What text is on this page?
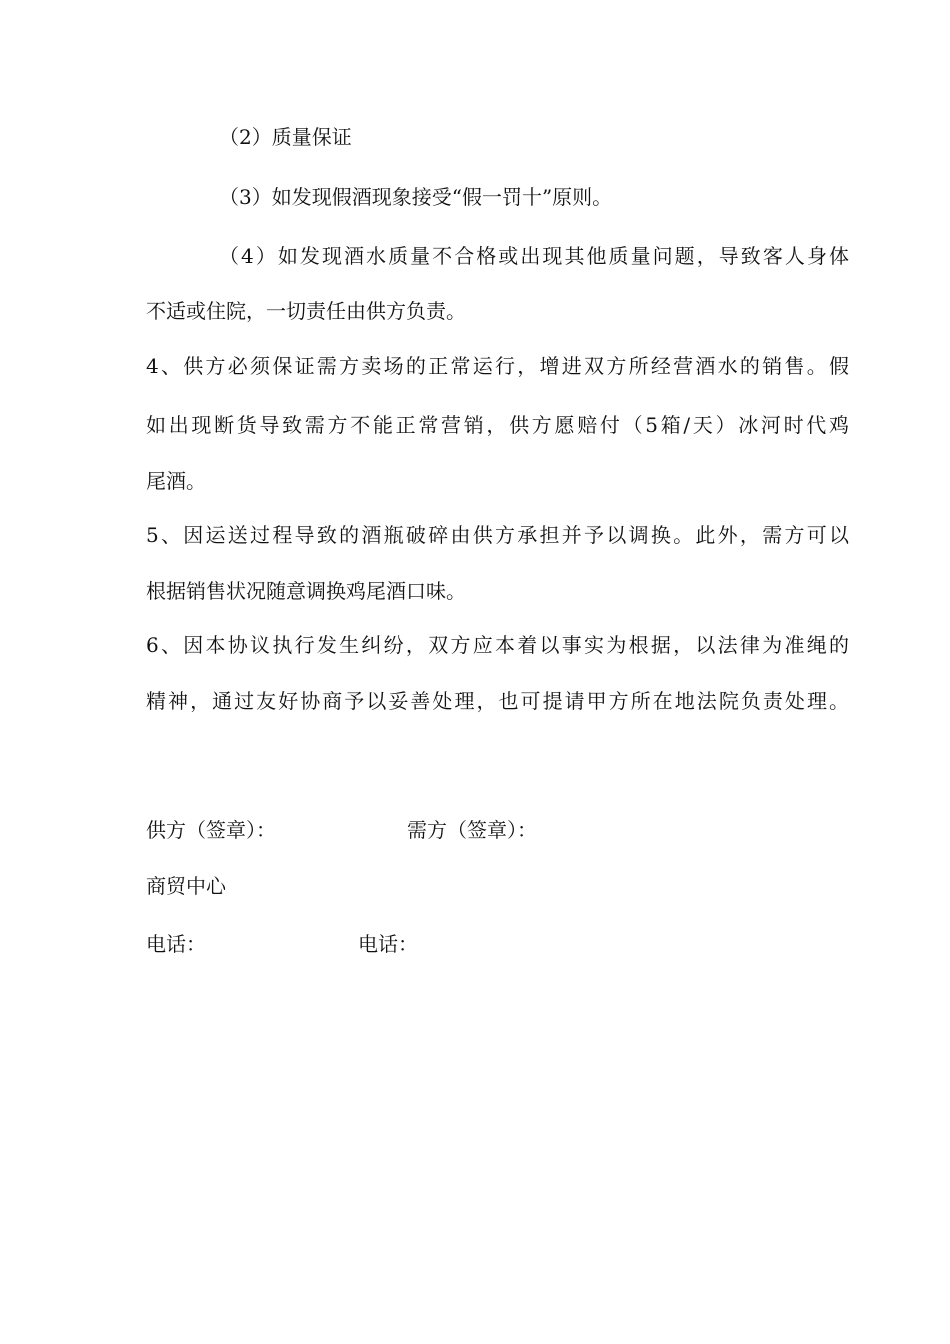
（2）质量保证
（3）如发现假酒现象接受“假一罚十”原则。
（4）如发现酒水质量不合格或出现其他质量问题，导致客人身体
不适或住院，一切责任由供方负责。
4、供方必须保证需方卖场的正常运行，增进双方所经营酒水的销售。假
如出现断货导致需方不能正常营销，供方愿赔付（5箱/天）冰河时代鸡
尾酒。
5、因运送过程导致的酒瓶破碎由供方承担并予以调换。此外，需方可以
根据销售状况随意调换鸡尾酒口味。
6、因本协议执行发生纠纷，双方应本着以事实为根据，以法律为准绳的
精神，通过友好协商予以妥善处理，也可提请甲方所在地法院负责处理。
供方（签章）：	需方（签章）：
商贸中心
电话：	电话：
